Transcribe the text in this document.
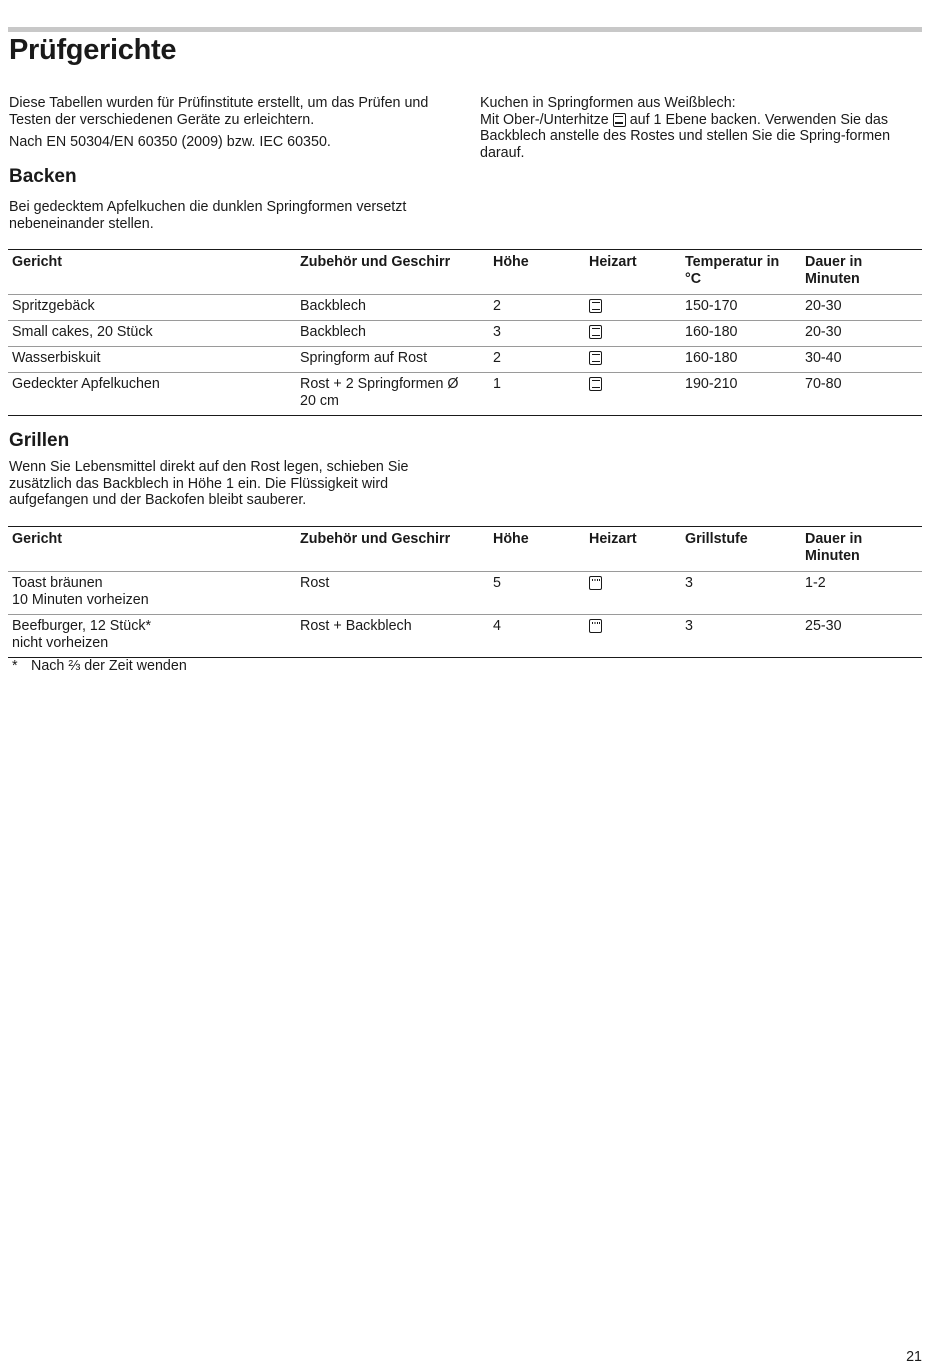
Prüfgerichte

Diese Tabellen wurden für Prüfinstitute erstellt, um das Prüfen und Testen der verschiedenen Geräte zu erleichtern.

Nach EN 50304/EN 60350 (2009) bzw. IEC 60350.

Kuchen in Springformen aus Weißblech:
Mit Ober-/Unterhitze auf 1 Ebene backen. Verwenden Sie das Backblech anstelle des Rostes und stellen Sie die Spring-formen darauf.
Backen

Bei gedecktem Apfelkuchen die dunklen Springformen versetzt nebeneinander stellen.

Gericht	Zubehör und Geschirr	Höhe	Heizart	Temperatur in °C	Dauer in Minuten
Spritzgebäck	Backblech	2		150-170	20-30
Small cakes, 20 Stück	Backblech	3		160-180	20-30
Wasserbiskuit	Springform auf Rost	2		160-180	30-40
Gedeckter Apfelkuchen	Rost + 2 Springformen Ø 20 cm	1		190-210	70-80
Grillen

Wenn Sie Lebensmittel direkt auf den Rost legen, schieben Sie zusätzlich das Backblech in Höhe 1 ein. Die Flüssigkeit wird aufgefangen und der Backofen bleibt sauberer.

Gericht	Zubehör und Geschirr	Höhe	Heizart	Grillstufe	Dauer in Minuten
Toast bräunen
10 Minuten vorheizen	Rost	5		3	1-2
Beefburger, 12 Stück*
nicht vorheizen	Rost + Backblech	4		3	25-30
* Nach ⅔ der Zeit wenden
21
